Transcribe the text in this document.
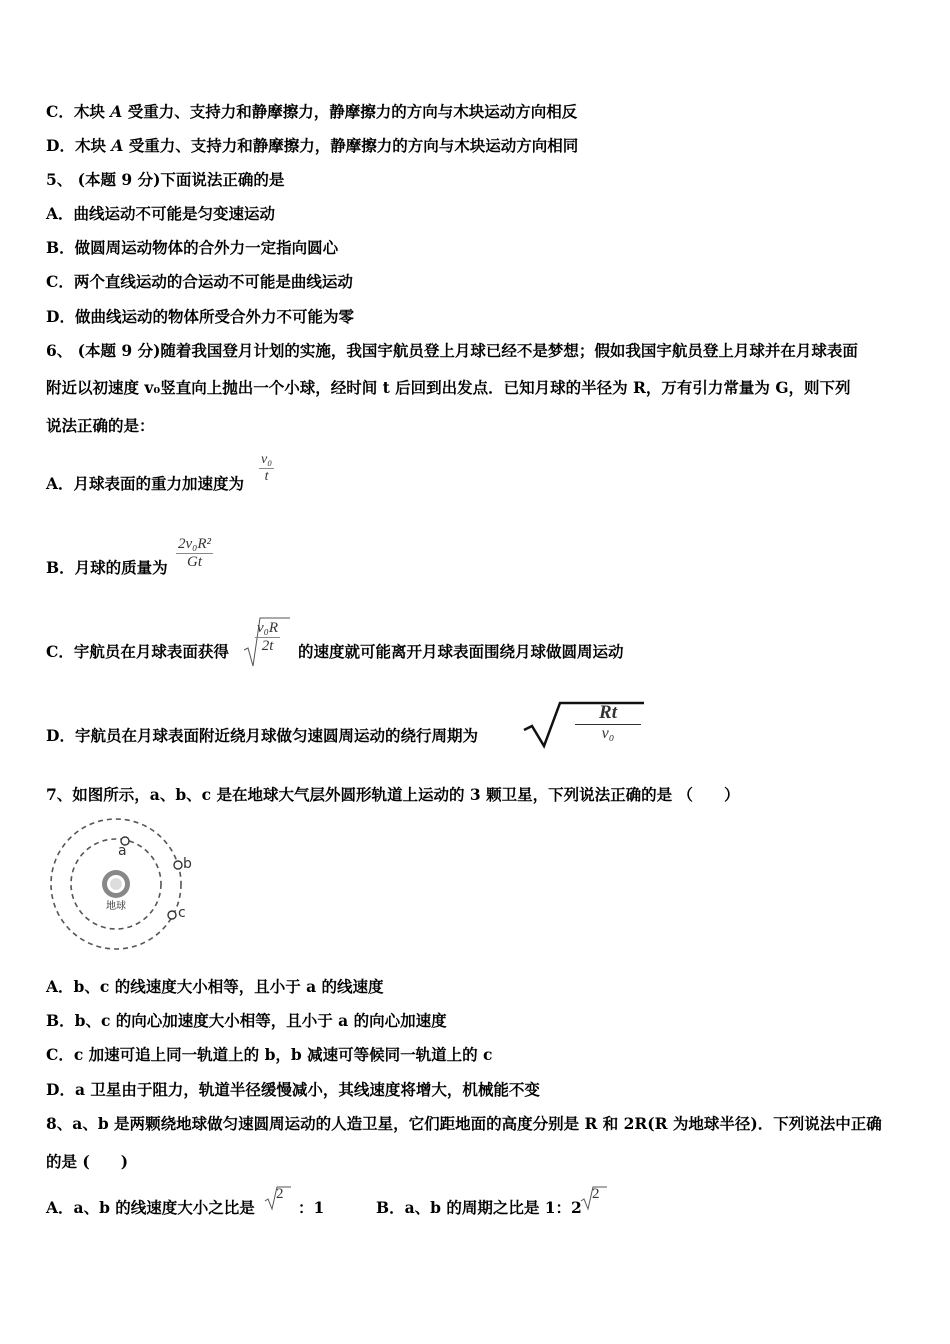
C．木块 A 受重力、支持力和静摩擦力，静摩擦力的方向与木块运动方向相反
D．木块 A 受重力、支持力和静摩擦力，静摩擦力的方向与木块运动方向相同
5、 (本题 9 分)下面说法正确的是
A．曲线运动不可能是匀变速运动
B．做圆周运动物体的合外力一定指向圆心
C．两个直线运动的合运动不可能是曲线运动
D．做曲线运动的物体所受合外力不可能为零
6、 (本题 9 分)随着我国登月计划的实施，我国宇航员登上月球已经不是梦想；假如我国宇航员登上月球并在月球表面
附近以初速度 v₀竖直向上抛出一个小球，经时间 t 后回到出发点．已知月球的半径为 R，万有引力常量为 G，则下列
说法正确的是：
A．月球表面的重力加速度为 $\frac{\text{v₀}}{t}$
B．月球的质量为 $\frac{\text{2v₀R²}}{Gt}$
C．宇航员在月球表面获得 $\frac{\text{v₀R}}{2t}$ 的速度就可能离开月球表面围绕月球做圆周运动
D．宇航员在月球表面附近绕月球做匀速圆周运动的绕行周期为
Rt
v₀
7、如图所示，a、b、c 是在地球大气层外圆形轨道上运动的 3 颗卫星，下列说法正确的是 （　　）
地球
a
b
c
A．b、c 的线速度大小相等，且小于 a 的线速度
B．b、c 的向心加速度大小相等，且小于 a 的向心加速度
C．c 加速可追上同一轨道上的 b，b 减速可等候同一轨道上的 c
D．a 卫星由于阻力，轨道半径缓慢减小，其线速度将增大，机械能不变
8、a、b 是两颗绕地球做匀速圆周运动的人造卫星，它们距地面的高度分别是 R 和 2R(R 为地球半径)．下列说法中正确
的是 (　　)
A．a、b 的线速度大小之比是
2
：1	B．a、b 的周期之比是 1：2
2
